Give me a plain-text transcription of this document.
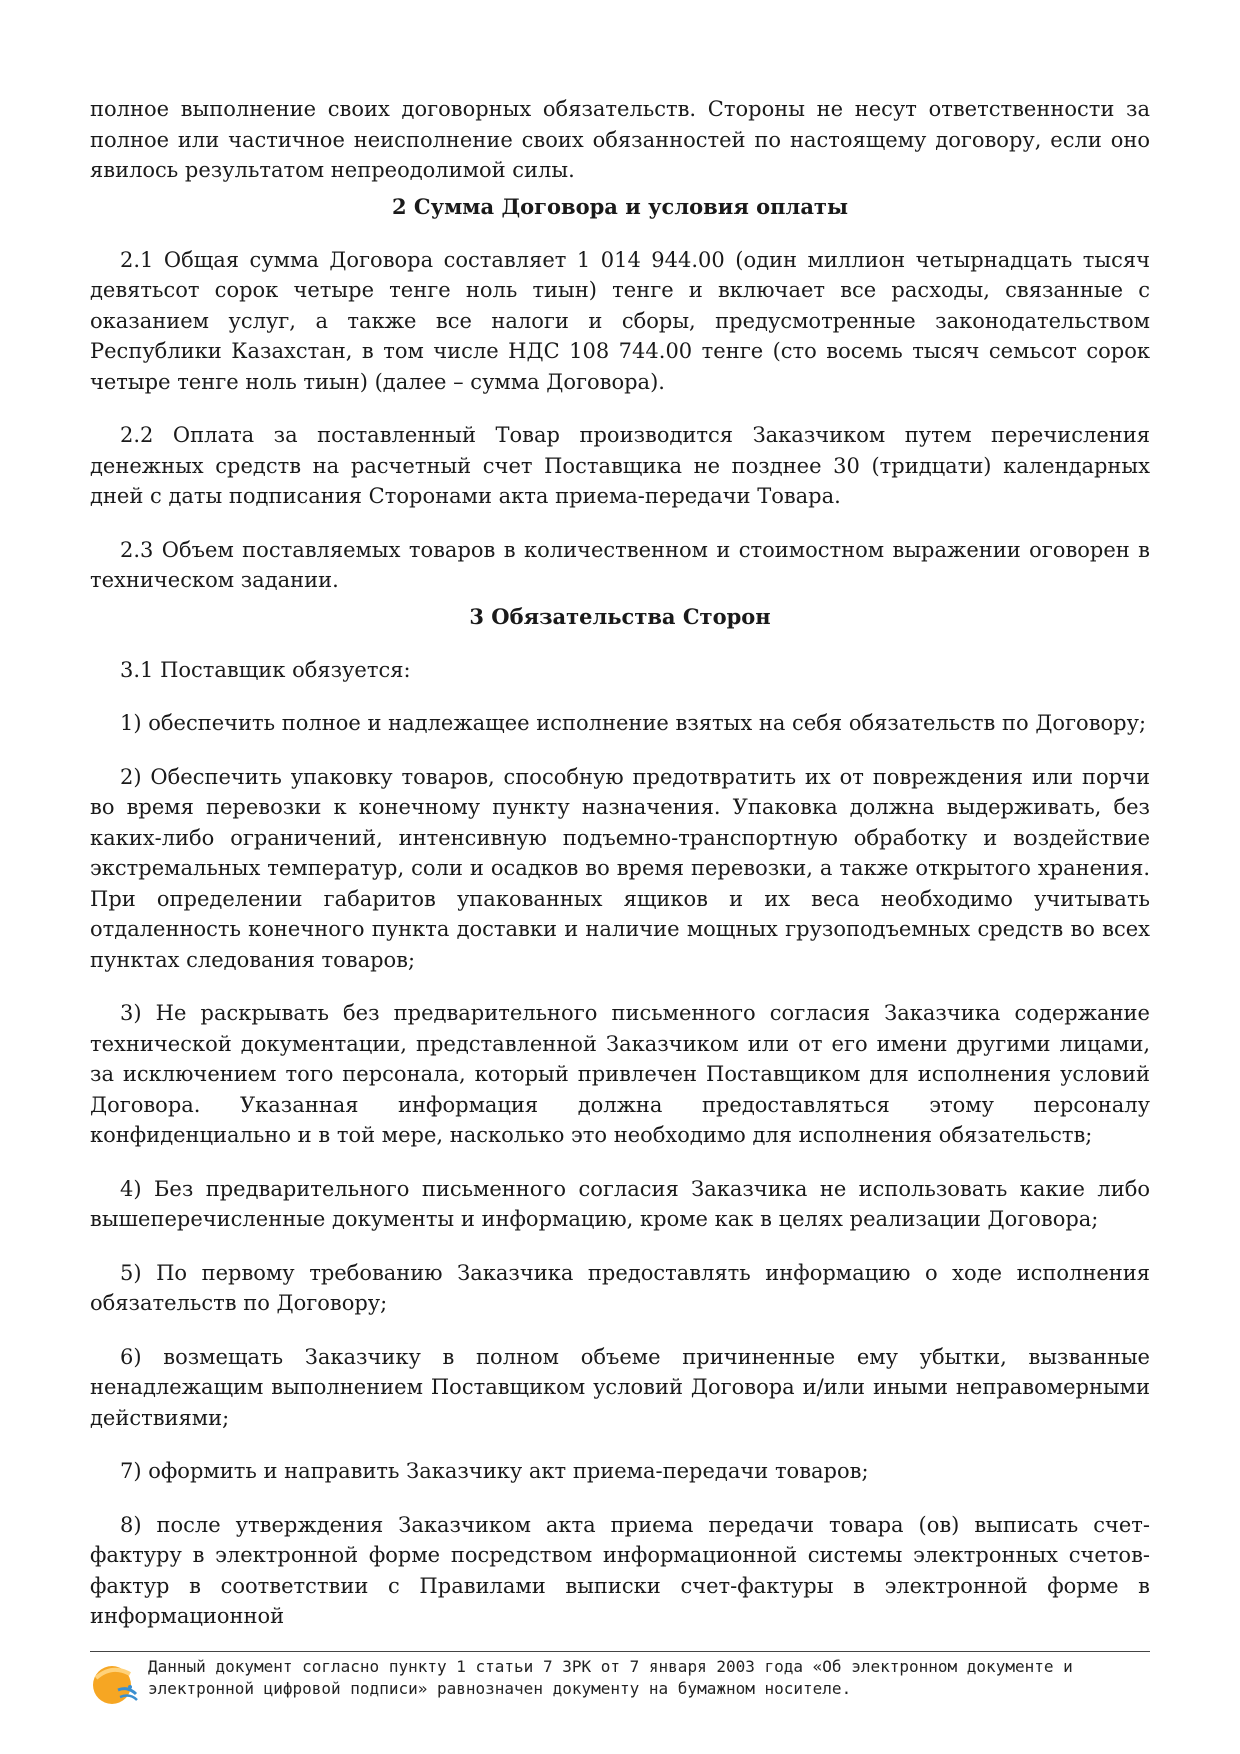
полное выполнение своих договорных обязательств. Стороны не несут ответственности за полное или частичное неисполнение своих обязанностей по настоящему договору, если оно явилось результатом непреодолимой силы.

2 Сумма Договора и условия оплаты

2.1 Общая сумма Договора составляет 1 014 944.00 (один миллион четырнадцать тысяч девятьсот сорок четыре тенге ноль тиын) тенге и включает все расходы, связанные с оказанием услуг, а также все налоги и сборы, предусмотренные законодательством Республики Казахстан, в том числе НДС 108 744.00 тенге (сто восемь тысяч семьсот сорок четыре тенге ноль тиын) (далее – сумма Договора).

2.2 Оплата за поставленный Товар производится Заказчиком путем перечисления денежных средств на расчетный счет Поставщика не позднее 30 (тридцати) календарных дней с даты подписания Сторонами акта приема-передачи Товара.

2.3 Объем поставляемых товаров в количественном и стоимостном выражении оговорен в техническом задании.

3 Обязательства Сторон

3.1 Поставщик обязуется:

1) обеспечить полное и надлежащее исполнение взятых на себя обязательств по Договору;

2) Обеспечить упаковку товаров, способную предотвратить их от повреждения или порчи во время перевозки к конечному пункту назначения. Упаковка должна выдерживать, без каких-либо ограничений, интенсивную подъемно-транспортную обработку и воздействие экстремальных температур, соли и осадков во время перевозки, а также открытого хранения. При определении габаритов упакованных ящиков и их веса необходимо учитывать отдаленность конечного пункта доставки и наличие мощных грузоподъемных средств во всех пунктах следования товаров;

3) Не раскрывать без предварительного письменного согласия Заказчика содержание технической документации, представленной Заказчиком или от его имени другими лицами, за исключением того персонала, который привлечен Поставщиком для исполнения условий Договора. Указанная информация должна предоставляться этому персоналу конфиденциально и в той мере, насколько это необходимо для исполнения обязательств;

4) Без предварительного письменного согласия Заказчика не использовать какие либо вышеперечисленные документы и информацию, кроме как в целях реализации Договора;

5) По первому требованию Заказчика предоставлять информацию о ходе исполнения обязательств по Договору;

6) возмещать Заказчику в полном объеме причиненные ему убытки, вызванные ненадлежащим выполнением Поставщиком условий Договора и/или иными неправомерными действиями;

7) оформить и направить Заказчику акт приема-передачи товаров;

8) после утверждения Заказчиком акта приема передачи товара (ов) выписать счет-фактуру в электронной форме посредством информационной системы электронных счетов-фактур в соответствии с Правилами выписки счет-фактуры в электронной форме в информационной

Данный документ согласно пункту 1 статьи 7 ЗРК от 7 января 2003 года «Об электронном документе и
электронной цифровой подписи» равнозначен документу на бумажном носителе.
